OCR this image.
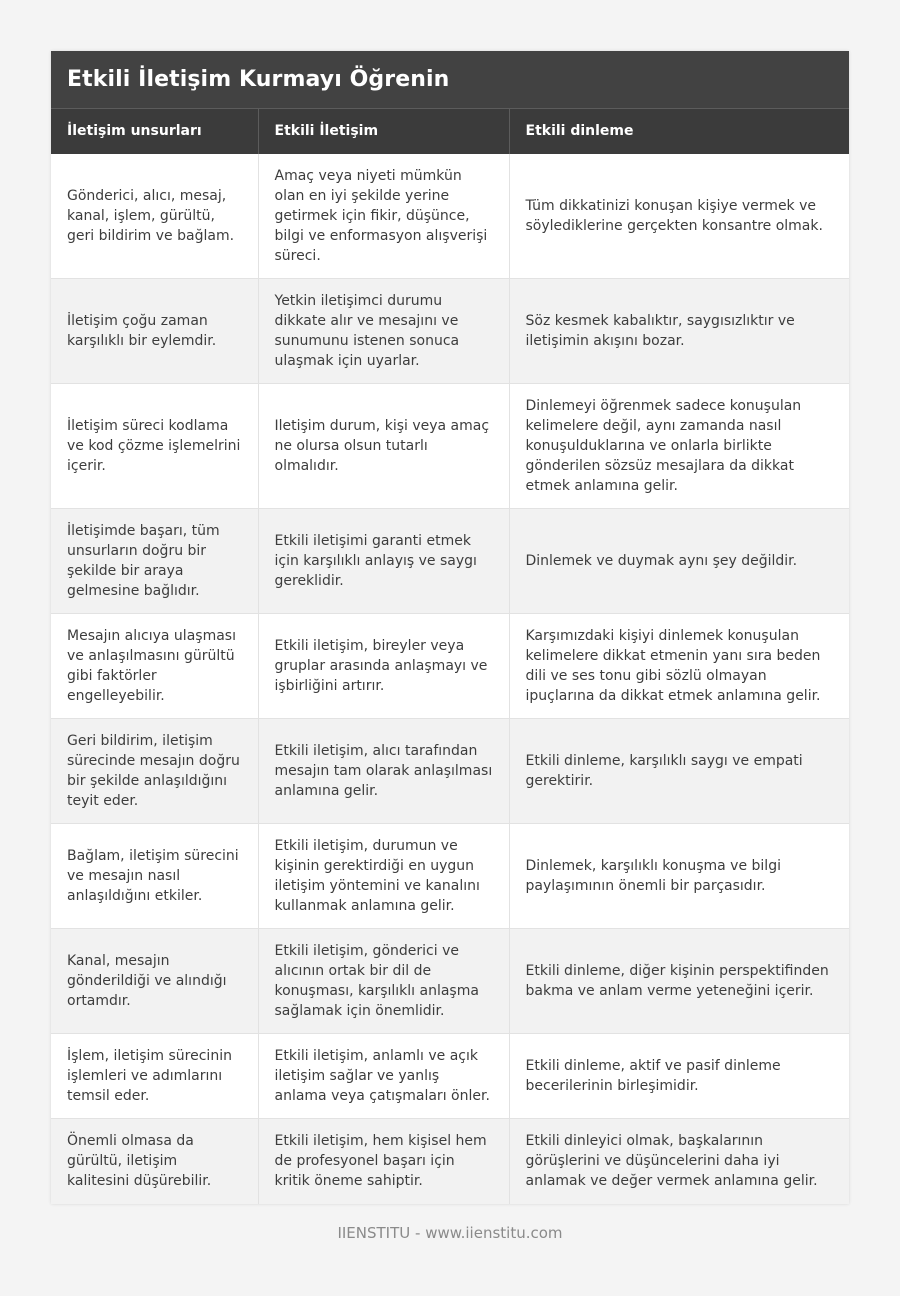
Etkili İletişim Kurmayı Öğrenin
İletişim unsurları	Etkili İletişim	Etkili dinleme
Gönderici, alıcı, mesaj, kanal, işlem, gürültü, geri bildirim ve bağlam.	Amaç veya niyeti mümkün olan en iyi şekilde yerine getirmek için fikir, düşünce, bilgi ve enformasyon alışverişi süreci.	Tüm dikkatinizi konuşan kişiye vermek ve söylediklerine gerçekten konsantre olmak.
İletişim çoğu zaman karşılıklı bir eylemdir.	Yetkin iletişimci durumu dikkate alır ve mesajını ve sunumunu istenen sonuca ulaşmak için uyarlar.	Söz kesmek kabalıktır, saygısızlıktır ve iletişimin akışını bozar.
İletişim süreci kodlama ve kod çözme işlemelrini içerir.	Iletişim durum, kişi veya amaç ne olursa olsun tutarlı olmalıdır.	Dinlemeyi öğrenmek sadece konuşulan kelimelere değil, aynı zamanda nasıl konuşulduklarına ve onlarla birlikte gönderilen sözsüz mesajlara da dikkat etmek anlamına gelir.
İletişimde başarı, tüm unsurların doğru bir şekilde bir araya gelmesine bağlıdır.	Etkili iletişimi garanti etmek için karşılıklı anlayış ve saygı gereklidir.	Dinlemek ve duymak aynı şey değildir.
Mesajın alıcıya ulaşması ve anlaşılmasını gürültü gibi faktörler engelleyebilir.	Etkili iletişim, bireyler veya gruplar arasında anlaşmayı ve işbirliğini artırır.	Karşımızdaki kişiyi dinlemek konuşulan kelimelere dikkat etmenin yanı sıra beden dili ve ses tonu gibi sözlü olmayan ipuçlarına da dikkat etmek anlamına gelir.
Geri bildirim, iletişim sürecinde mesajın doğru bir şekilde anlaşıldığını teyit eder.	Etkili iletişim, alıcı tarafından mesajın tam olarak anlaşılması anlamına gelir.	Etkili dinleme, karşılıklı saygı ve empati gerektirir.
Bağlam, iletişim sürecini ve mesajın nasıl anlaşıldığını etkiler.	Etkili iletişim, durumun ve kişinin gerektirdiği en uygun iletişim yöntemini ve kanalını kullanmak anlamına gelir.	Dinlemek, karşılıklı konuşma ve bilgi paylaşımının önemli bir parçasıdır.
Kanal, mesajın gönderildiği ve alındığı ortamdır.	Etkili iletişim, gönderici ve alıcının ortak bir dil de konuşması, karşılıklı anlaşma sağlamak için önemlidir.	Etkili dinleme, diğer kişinin perspektifinden bakma ve anlam verme yeteneğini içerir.
İşlem, iletişim sürecinin işlemleri ve adımlarını temsil eder.	Etkili iletişim, anlamlı ve açık iletişim sağlar ve yanlış anlama veya çatışmaları önler.	Etkili dinleme, aktif ve pasif dinleme becerilerinin birleşimidir.
Önemli olmasa da gürültü, iletişim kalitesini düşürebilir.	Etkili iletişim, hem kişisel hem de profesyonel başarı için kritik öneme sahiptir.	Etkili dinleyici olmak, başkalarının görüşlerini ve düşüncelerini daha iyi anlamak ve değer vermek anlamına gelir.
IIENSTITU - www.iienstitu.com
